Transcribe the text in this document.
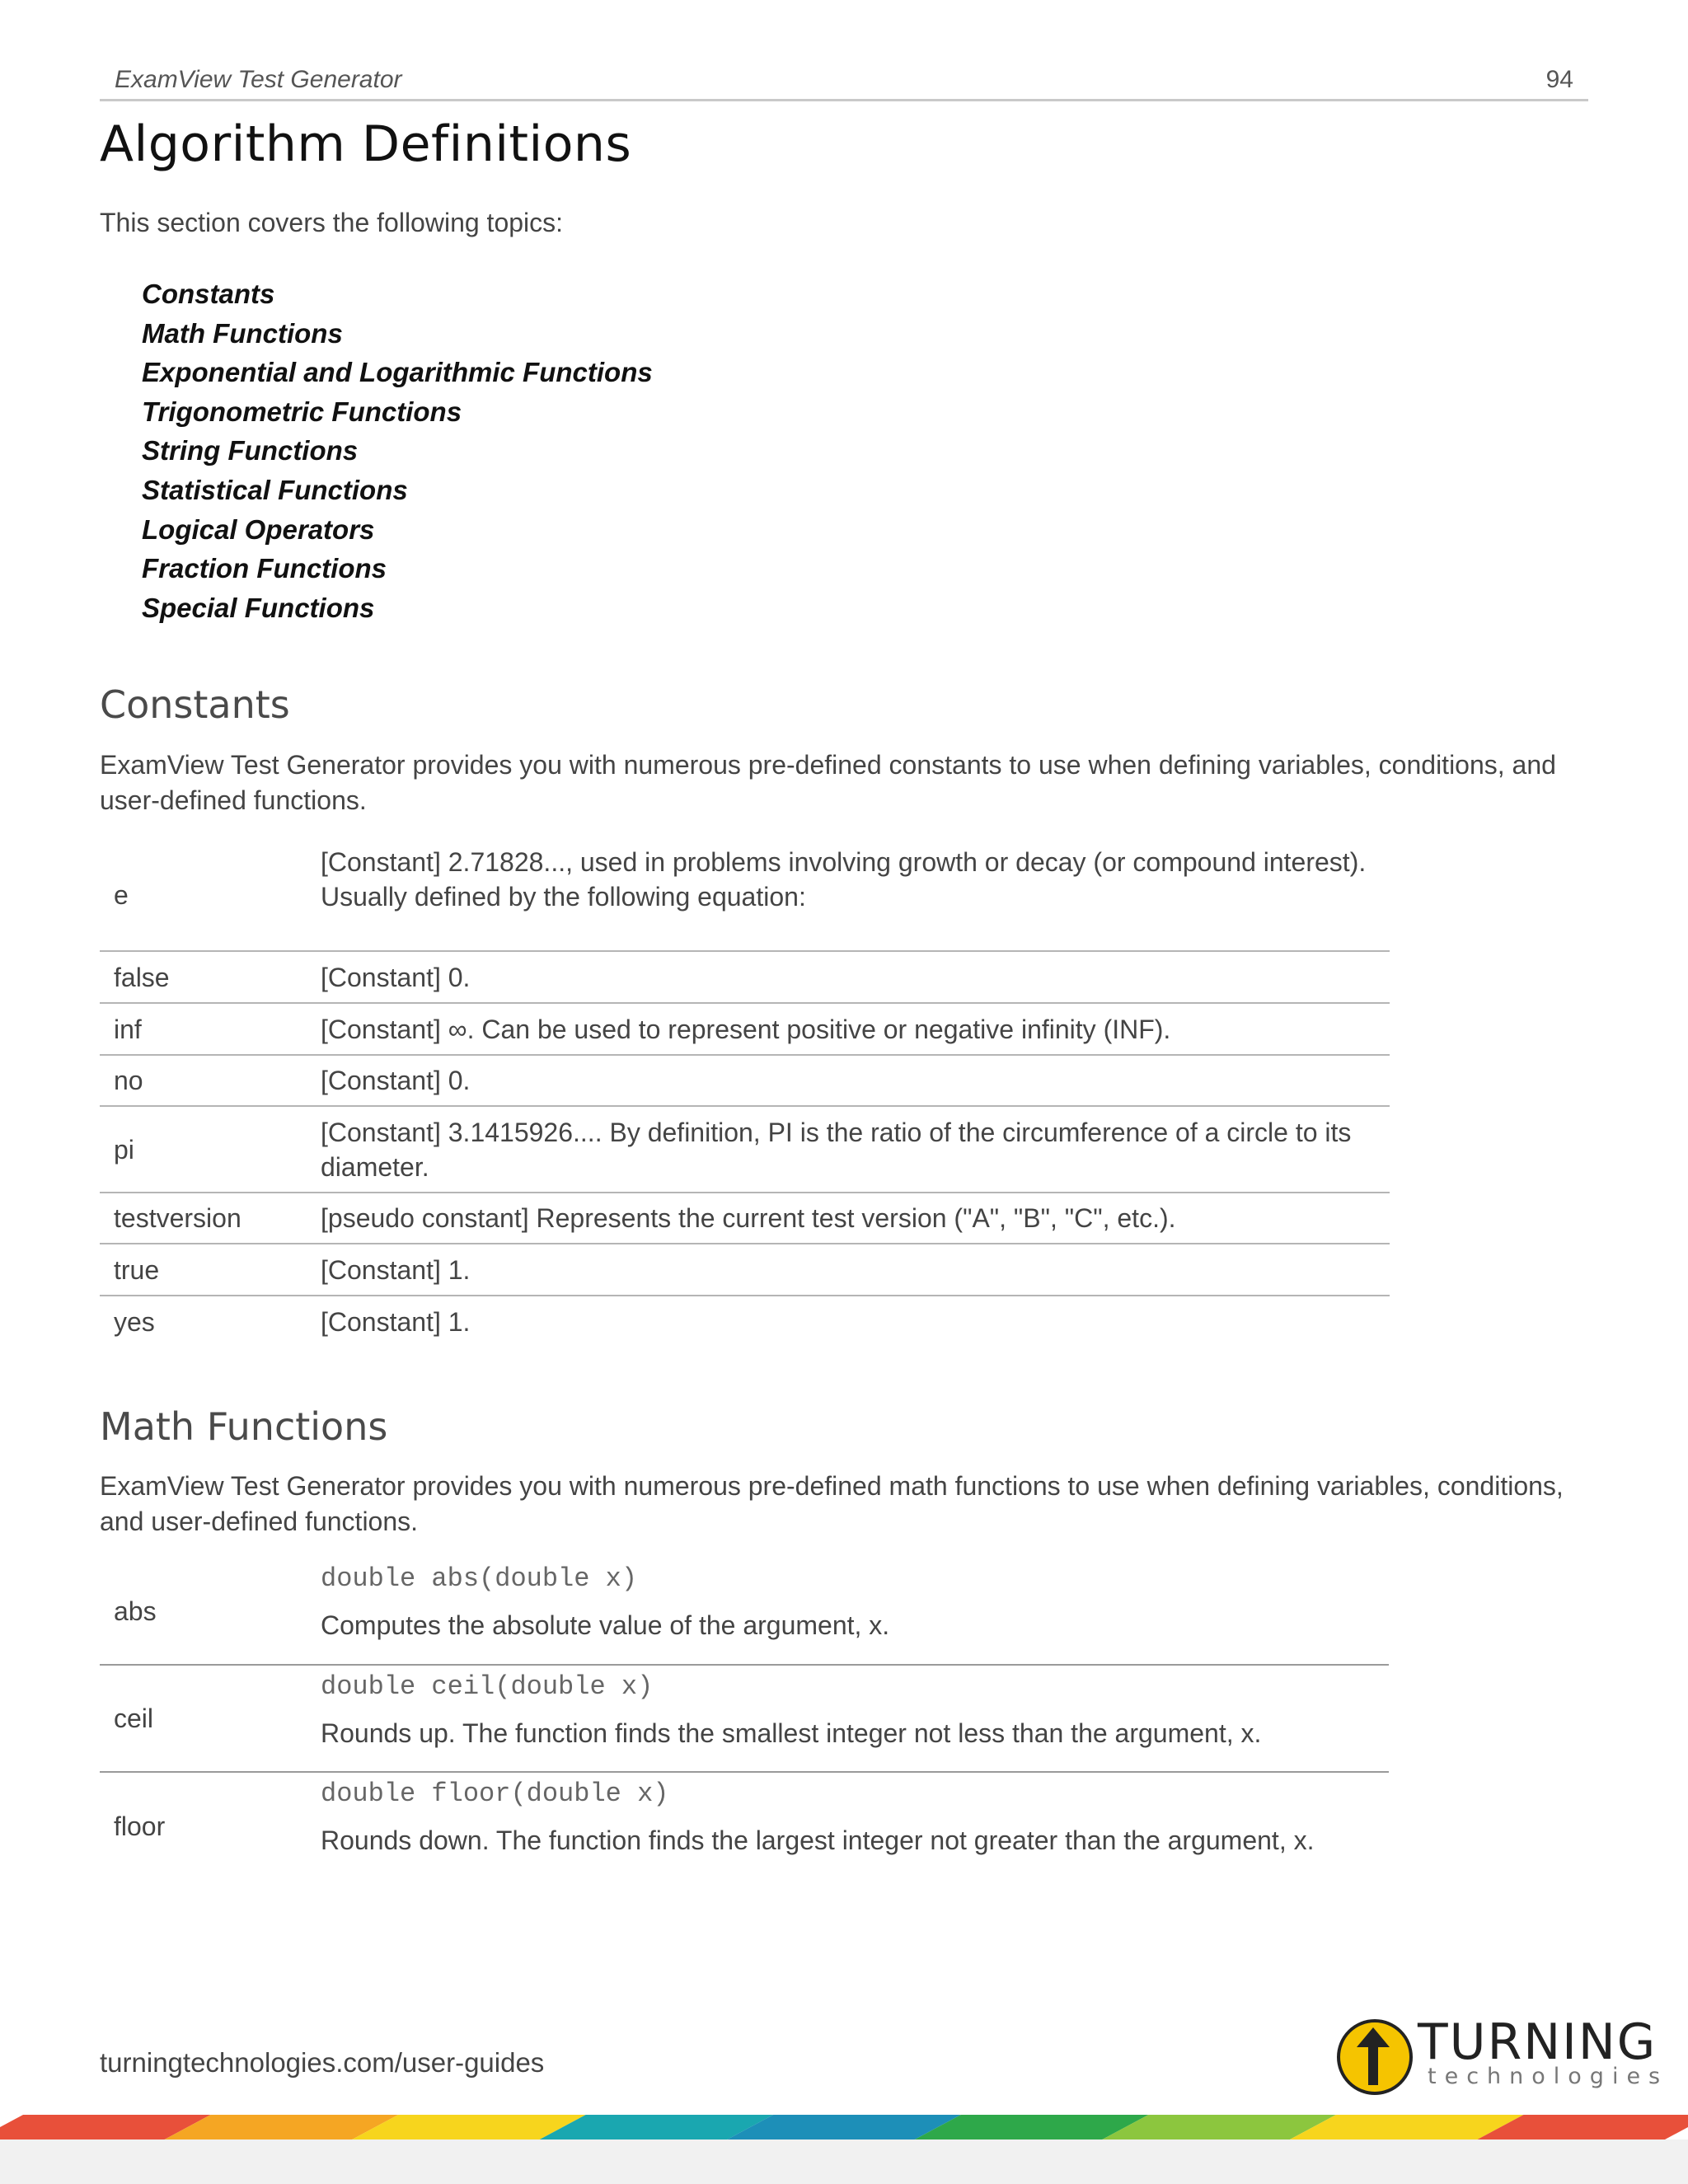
ExamView Test Generator	94
Algorithm Definitions

This section covers the following topics:

Constants
Math Functions
Exponential and Logarithmic Functions
Trigonometric Functions
String Functions
Statistical Functions
Logical Operators
Fraction Functions
Special Functions
Constants

ExamView Test Generator provides you with numerous pre-defined constants to use when defining variables, conditions, and user-defined functions.

e	[Constant] 2.71828..., used in problems involving growth or decay (or compound interest). Usually defined by the following equation:
false	[Constant] 0.
inf	[Constant] ∞. Can be used to represent positive or negative infinity (INF).
no	[Constant] 0.
pi	[Constant] 3.1415926.... By definition, PI is the ratio of the circumference of a circle to its diameter.
testversion	[pseudo constant] Represents the current test version ("A", "B", "C", etc.).
true	[Constant] 1.
yes	[Constant] 1.
Math Functions

ExamView Test Generator provides you with numerous pre-defined math functions to use when defining variables, conditions, and user-defined functions.

abs	double abs(double x)
Computes the absolute value of the argument, x.

ceil	double ceil(double x)
Rounds up. The function finds the smallest integer not less than the argument, x.

floor	double floor(double x)
Rounds down. The function finds the largest integer not greater than the argument, x.
turningtechnologies.com/user-guides	TURNING
technologies
